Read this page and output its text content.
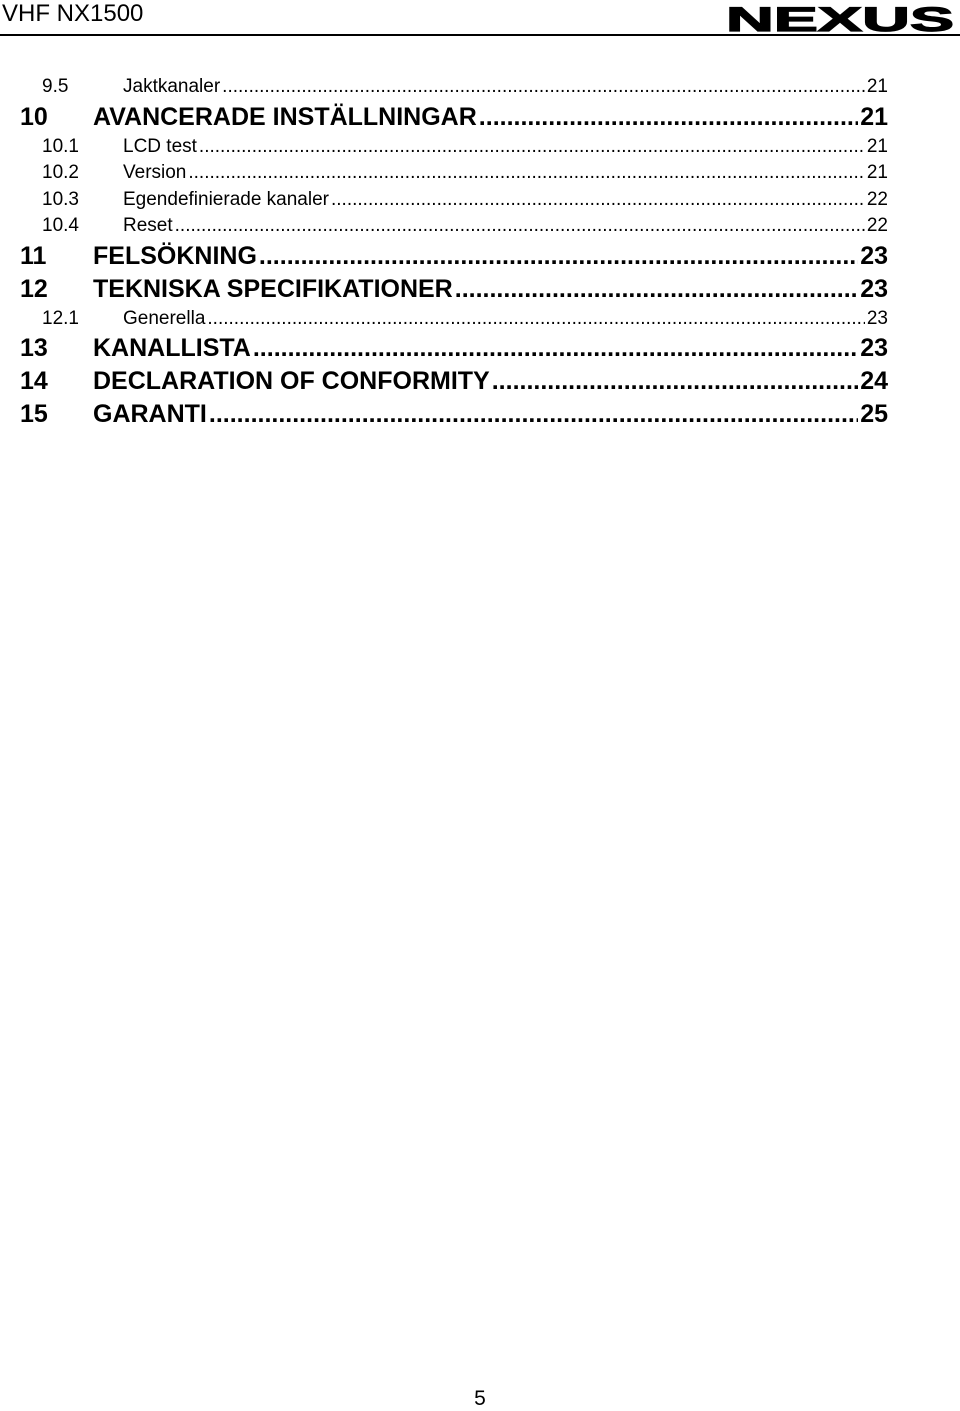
VHF NX1500	NEXUS
9.5	Jaktkanaler .....	21
10	AVANCERADE INSTÄLLNINGAR .....	21
10.1	LCD test .....	21
10.2	Version .....	21
10.3	Egendefinierade kanaler .....	22
10.4	Reset .....	22
11	FELSÖKNING .....	23
12	TEKNISKA SPECIFIKATIONER .....	23
12.1	Generella .....	23
13	KANALLISTA .....	23
14	DECLARATION OF CONFORMITY .....	24
15	GARANTI .....	25
5
